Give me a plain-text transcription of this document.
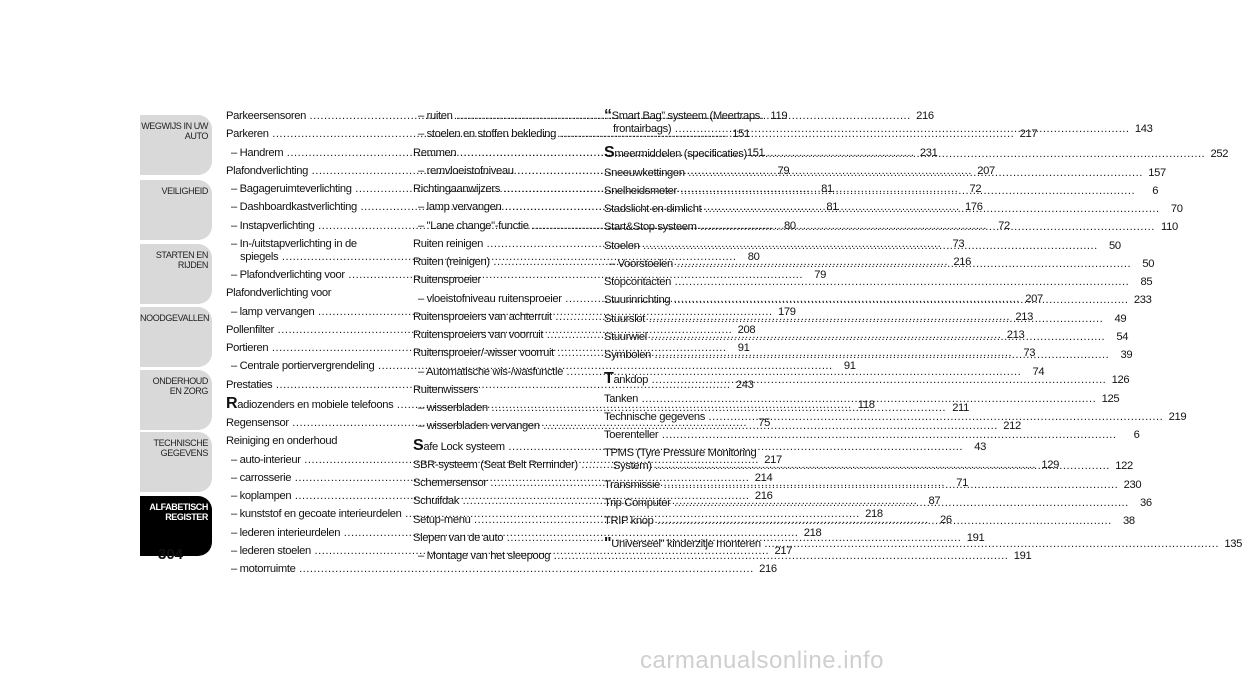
WEGWIJS IN UW AUTO
VEILIGHEID
STARTEN EN RIJDEN
NOODGEVALLEN
ONDERHOUD EN ZORG
TECHNISCHE GEGEVENS
ALFABETISCH REGISTER
304
Parkeersensoren .....	119
Parkeren .....	151
– Handrem .....	151
Plafondverlichting .....	79
– Bagageruimteverlichting .....	81
– Dashboardkastverlichting .....	81
– Instapverlichting .....	80
– In-/uitstapverlichting in de
spiegels .....	80
– Plafondverlichting voor .....	79
Plafondverlichting voor
– lamp vervangen .....	179
Pollenfilter .....	208
Portieren .....	91
– Centrale portiervergrendeling .....	91
Prestaties .....	243
Radiozenders en mobiele telefoons .....	118
Regensensor .....	75
Reiniging en onderhoud
– auto-interieur .....	217
– carrosserie .....	214
– koplampen .....	216
– kunststof en gecoate interieurdelen .....	218
– lederen interieurdelen .....	218
– lederen stoelen .....	217
– motorruimte .....	216
– ruiten .....	216
– stoelen en stoffen bekleding .....	217
Remmen .....	231
– remvloeistofniveau .....	207
Richtingaanwijzers .....	72
– lamp vervangen .....	176
– "Lane change"-functie .....	72
Ruiten reinigen .....	73
Ruiten (reinigen) .....	216
Ruitensproeier
– vloeistofniveau ruitensproeier .....	207
Ruitensproeiers van achterruit .....	213
Ruitensproeiers van voorruit .....	213
Ruitensproeier/-wisser voorruit .....	73
– Automatische wis-/wasfunctie .....	74
Ruitenwissers
– wisserbladen .....	211
– wisserbladen vervangen .....	212
Safe Lock systeem .....	43
SBR-systeem (Seat Belt Reminder) .....	129
Schemersensor .....	71
Schuifdak .....	87
Setup-menu .....	26
Slepen van de auto .....	191
– Montage van het sleepoog .....	191
“Smart Bag” systeem (Meertraps
frontairbags) .....	143
Smeermiddelen (specificaties) .....	252
Sneeuwkettingen .....	157
Snelheidsmeter .....	6
Stadslicht en dimlicht .....	70
Start&Stop systeem .....	110
Stoelen .....	50
– Voorstoelen .....	50
Stopcontacten .....	85
Stuurinrichting .....	233
Stuurslot .....	49
Stuurwiel .....	54
Symbolen .....	39
Tankdop .....	126
Tanken .....	125
Technische gegevens .....	219
Toerenteller .....	6
TPMS (Tyre Pressure Monitoring
System) .....	122
Transmissie .....	230
Trip Computer .....	36
TRIP knop .....	38
"Universeel" kinderzitje monteren .....	135
carmanualsonline.info
